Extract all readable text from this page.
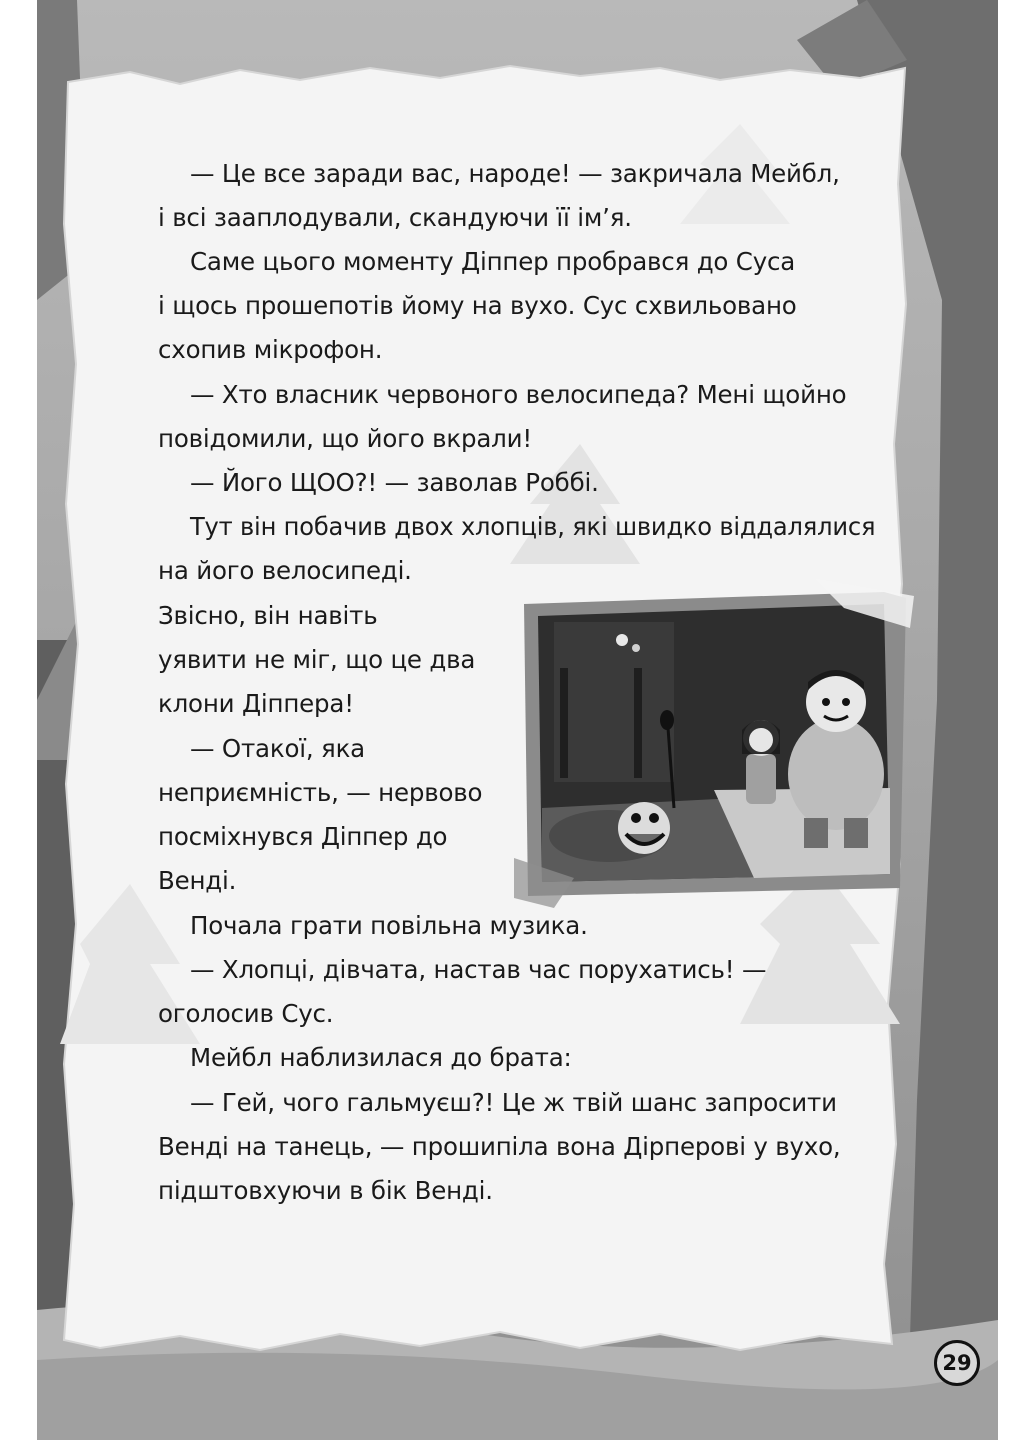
— Це все заради вас, народе! — закричала Мейбл,
і всі зааплодували, скандуючи її ім’я.
Саме цього моменту Діппер пробрався до Суса
і щось прошепотів йому на вухо. Сус схвильовано
схопив мікрофон.
— Хто власник червоного велосипеда? Мені щойно
повідомили, що його вкрали!
— Його ЩОО?! — заволав Роббі.
Тут він побачив двох хлопців, які швидко віддалялися
на його велосипеді.
Звісно, він навіть
уявити не міг, що це два
клони Діппера!
— Отакої, яка
неприємність, — нервово
посміхнувся Діппер до
Венді.
Почала грати повільна музика.
— Хлопці, дівчата, настав час порухатись! —
оголосив Сус.
Мейбл наблизилася до брата:
— Гей, чого гальмуєш?! Це ж твій шанс запросити
Венді на танець, — прошипіла вона Дipперові у вухо,
підштовхуючи в бік Венді.
29
